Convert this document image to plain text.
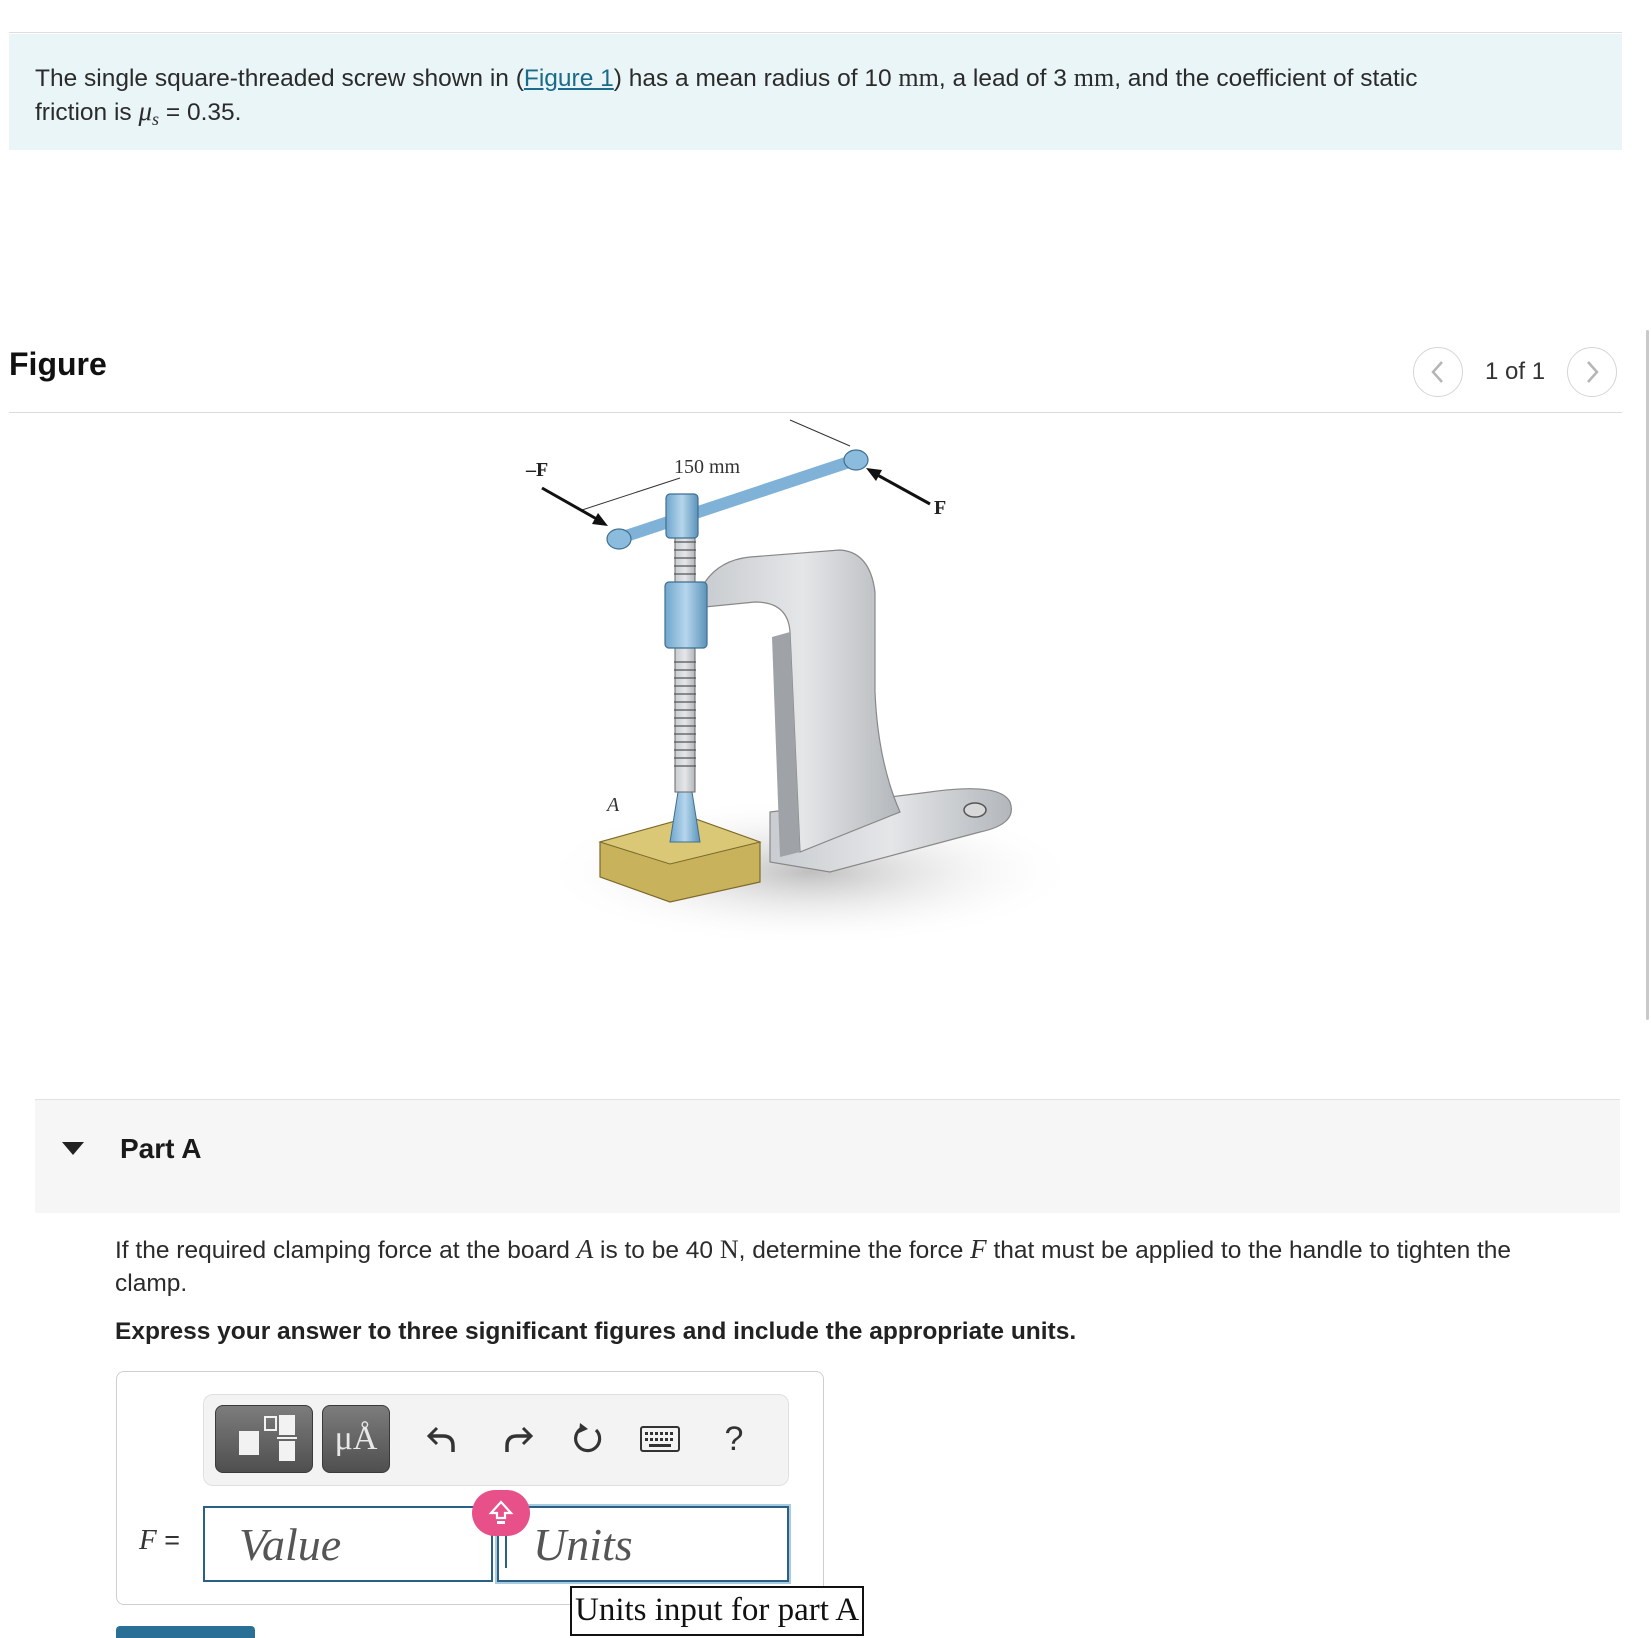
The single square-threaded screw shown in (Figure 1) has a mean radius of 10 mm, a lead of 3 mm, and the coefficient of static
friction is $\mu_s = 0.35$.
Figure	1 of 1
150 mm
–F
F
A
Part A
If the required clamping force at the board A is to be 40 N, determine the force F that must be applied to the handle to tighten the
clamp.
Express your answer to three significant figures and include the appropriate units.
μÅ	?
F =
Value
Units
Units input for part A
